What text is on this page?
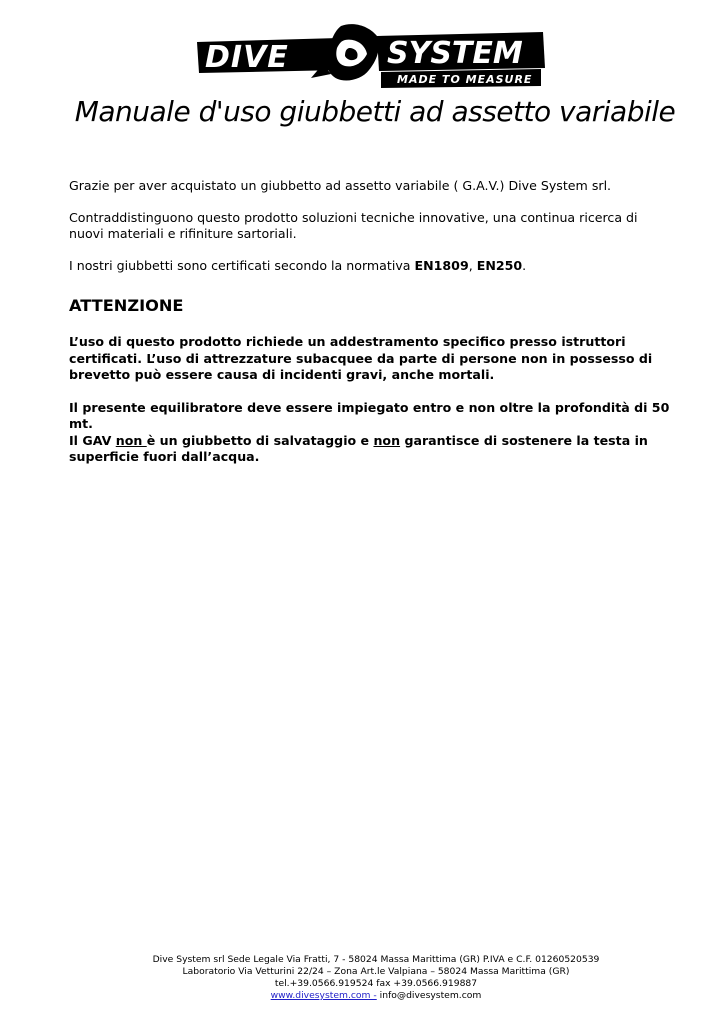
DIVE	SYSTEM
MADE TO MEASURE
Manuale d'uso giubbetti ad assetto variabile

Grazie per aver acquistato un giubbetto ad assetto variabile ( G.A.V.) Dive System srl.

Contraddistinguono questo prodotto soluzioni tecniche innovative, una continua ricerca di nuovi materiali e rifiniture sartoriali.

I nostri giubbetti sono certificati secondo la normativa EN1809, EN250.

ATTENZIONE

L’uso di questo prodotto richiede un addestramento specifico presso istruttori certificati. L’uso di attrezzature subacquee da parte di persone non in possesso di brevetto può essere causa di incidenti gravi, anche mortali.

Il presente equilibratore deve essere impiegato entro e non oltre la profondità di 50 mt.
Il GAV non è un giubbetto di salvataggio e non garantisce di sostenere la testa in superficie fuori dall’acqua.

Dive System srl Sede Legale Via Fratti, 7 - 58024 Massa Marittima (GR) P.IVA e C.F. 01260520539
Laboratorio Via Vetturini 22/24 – Zona Art.le Valpiana – 58024 Massa Marittima (GR)
tel.+39.0566.919524 fax +39.0566.919887
www.divesystem.com - info@divesystem.com
